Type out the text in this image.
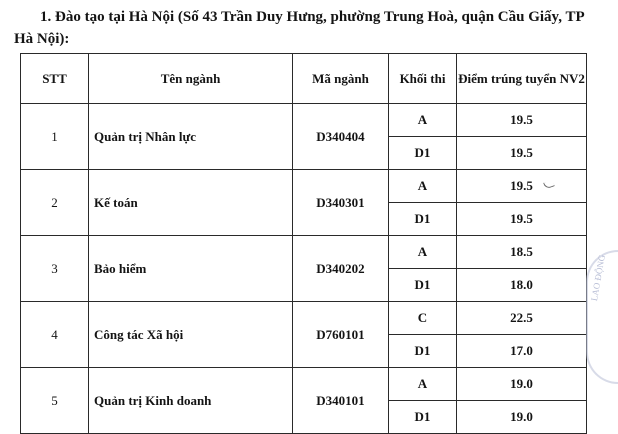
1. Đào tạo tại Hà Nội (Số 43 Trần Duy Hưng, phường Trung Hoà, quận Cầu Giấy, TP Hà Nội):

STT	Tên ngành	Mã ngành	Khối thi	Điểm trúng tuyển NV2
1	Quản trị Nhân lực	D340404	A	19.5
			D1	19.5
2	Kế toán	D340301	A	19.5
			D1	19.5
3	Bảo hiểm	D340202	A	18.5
			D1	18.0
4	Công tác Xã hội	D760101	C	22.5
			D1	17.0
5	Quản trị Kinh doanh	D340101	A	19.0
			D1	19.0
LAO ĐỘNG
